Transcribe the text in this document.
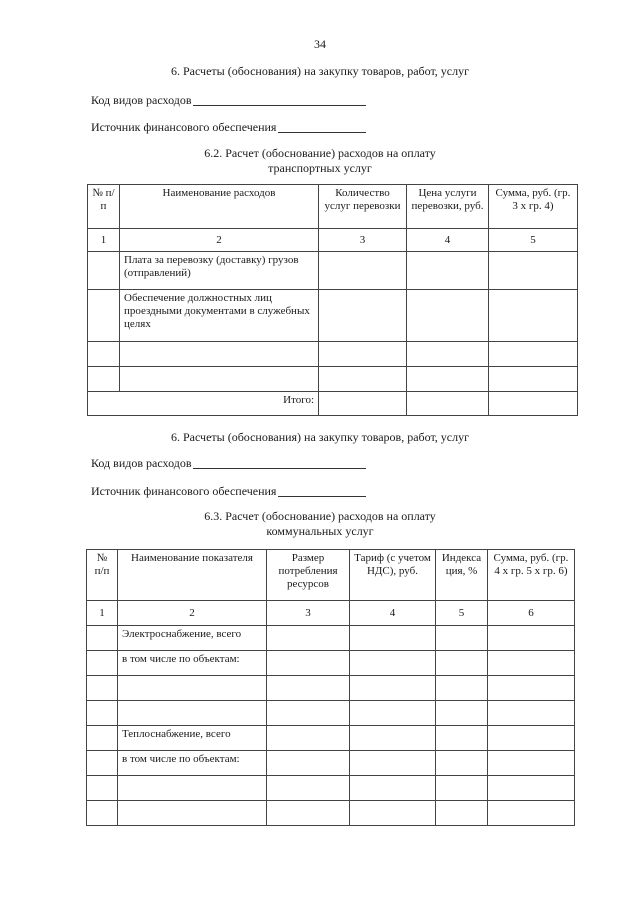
34
6. Расчеты (обоснования) на закупку товаров, работ, услуг
Код видов расходов
Источник финансового обеспечения
6.2. Расчет (обоснование) расходов на оплату
транспортных услуг
№ п/п	Наименование расходов	Количество услуг перевозки	Цена услуги перевозки, руб.	Сумма, руб. (гр. 3 x гр. 4)
1	2	3	4	5
	Плата за перевозку (доставку) грузов (отправлений)			
	Обеспечение должностных лиц проездными документами в служебных целях			

Итого:				
6. Расчеты (обоснования) на закупку товаров, работ, услуг
Код видов расходов
Источник финансового обеспечения
6.3. Расчет (обоснование) расходов на оплату
коммунальных услуг
№ п/п	Наименование показателя	Размер потребления ресурсов	Тариф (с учетом НДС), руб.	Индекса ция, %	Сумма, руб. (гр. 4 x гр. 5 x гр. 6)
1	2	3	4	5	6
	Электроснабжение, всего				
	в том числе по объектам:				

	Теплоснабжение, всего				
	в том числе по объектам:				
